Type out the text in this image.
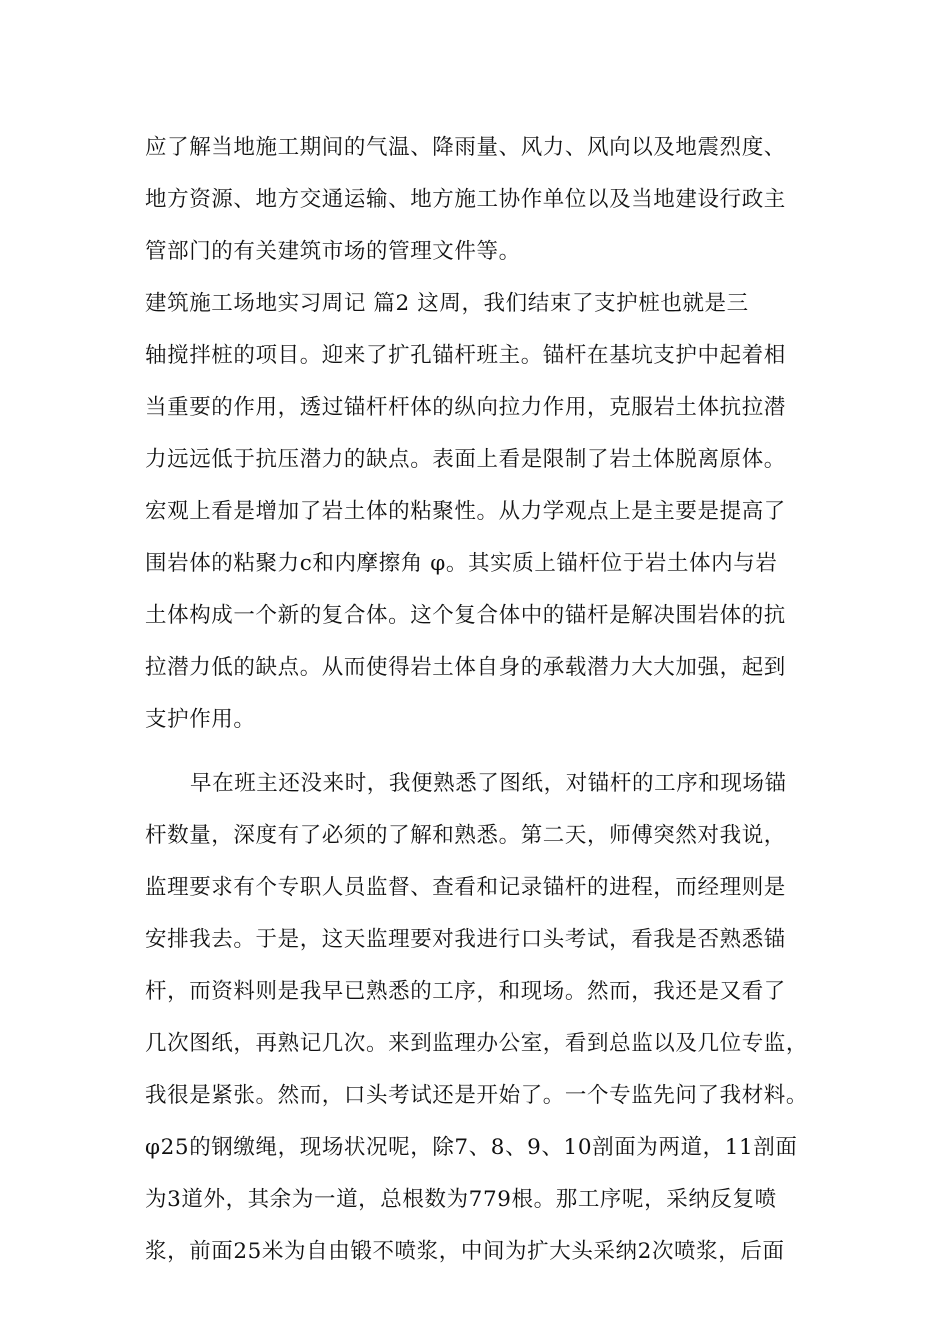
应了解当地施工期间的气温、降雨量、风力、风向以及地震烈度、
地方资源、地方交通运输、地方施工协作单位以及当地建设行政主
管部门的有关建筑市场的管理文件等。
建筑施工场地实习周记 篇2 这周，我们结束了支护桩也就是三
轴搅拌桩的项目。迎来了扩孔锚杆班主。锚杆在基坑支护中起着相
当重要的作用，透过锚杆杆体的纵向拉力作用，克服岩土体抗拉潜
力远远低于抗压潜力的缺点。表面上看是限制了岩土体脱离原体。
宏观上看是增加了岩土体的粘聚性。从力学观点上是主要是提高了
围岩体的粘聚力c和内摩擦角 φ。其实质上锚杆位于岩土体内与岩
土体构成一个新的复合体。这个复合体中的锚杆是解决围岩体的抗
拉潜力低的缺点。从而使得岩土体自身的承载潜力大大加强，起到
支护作用。
早在班主还没来时，我便熟悉了图纸，对锚杆的工序和现场锚
杆数量，深度有了必须的了解和熟悉。第二天，师傅突然对我说，
监理要求有个专职人员监督、查看和记录锚杆的进程，而经理则是
安排我去。于是，这天监理要对我进行口头考试，看我是否熟悉锚
杆，而资料则是我早已熟悉的工序，和现场。然而，我还是又看了
几次图纸，再熟记几次。来到监理办公室，看到总监以及几位专监，
我很是紧张。然而，口头考试还是开始了。一个专监先问了我材料。
φ25的钢缴绳，现场状况呢，除7、8、9、10剖面为两道，11剖面
为3道外，其余为一道，总根数为779根。那工序呢，采纳反复喷
浆，前面25米为自由锻不喷浆，中间为扩大头采纳2次喷浆，后面
